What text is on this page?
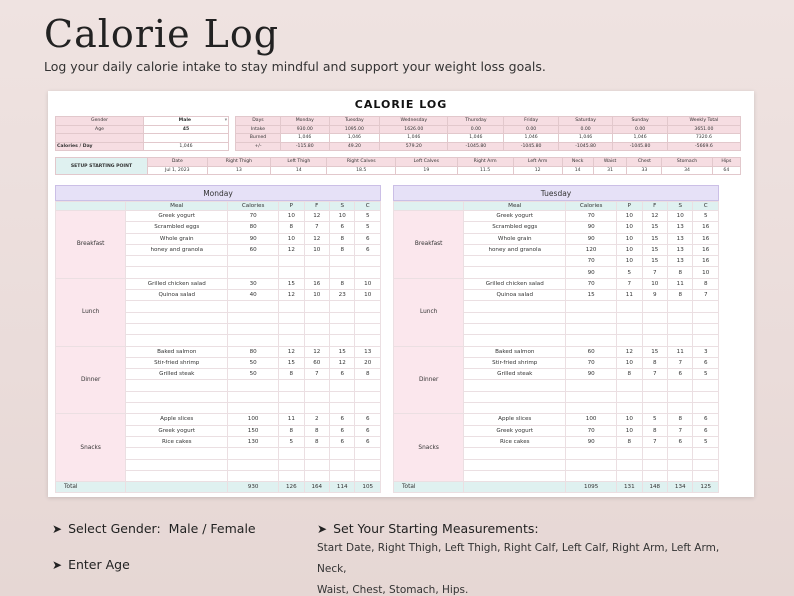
Calorie Log
Log your daily calorie intake to stay mindful and support your weight loss goals.
CALORIE LOG
Gender	Male ▾

Age	45

Calories / Day	1,046
Days	Monday	Tuesday	Wednesday	Thursday	Friday	Saturday	Sunday	Weekly Total
Intake	930.00	1095.00	1626.00	0.00	0.00	0.00	0.00	3651.00
Burned	1,046	1,046	1,046	1,046	1,046	1,046	1,046	7320.6
+/-	-115.80	49.20	579.20	-1045.80	-1045.80	-1045.80	-1045.80	-5669.6
SETUP STARTING POINT	Date	Right Thigh	Left Thigh	Right Calves	Left Calves	Right Arm	Left Arm	Neck	Waist	Chest	Stomach	Hips
	Jul 1, 2023	13	14	18.5	19	11.5	12	14	31	33	34	64
Monday
	Meal	Calories	P	F	S	C
Breakfast	Greek yogurt	70	10	12	10	5
	Scrambled eggs	80	8	7	6	5
	Whole grain	90	10	12	8	6
	honey and granola	60	12	10	8	6

Lunch	Grilled chicken salad	30	15	16	8	10
	Quinoa salad	40	12	10	23	10

Dinner	Baked salmon	80	12	12	15	13
	Stir-fried shrimp	50	15	60	12	20
	Grilled steak	50	8	7	6	8

Snacks	Apple slices	100	11	2	6	6
	Greek yogurt	150	8	8	6	6
	Rice cakes	130	5	8	6	6

Total		930	126	164	114	105
Tuesday
	Meal	Calories	P	F	S	C
Breakfast	Greek yogurt	70	10	12	10	5
	Scrambled eggs	90	10	15	13	16
	Whole grain	90	10	15	13	16
	honey and granola	120	10	15	13	16
		70	10	15	13	16
		90	5	7	8	10
Lunch	Grilled chicken salad	70	7	10	11	8
	Quinoa salad	15	11	9	8	7

Dinner	Baked salmon	60	12	15	11	3
	Stir-fried shrimp	70	10	8	7	6
	Grilled steak	90	8	7	6	5

Snacks	Apple slices	100	10	5	8	6
	Greek yogurt	70	10	8	7	6
	Rice cakes	90	8	7	6	5

Total		1095	131	148	134	125
➤ Select Gender: Male / Female
➤ Enter Age
➤ Set Your Starting Measurements:
Start Date, Right Thigh, Left Thigh, Right Calf, Left Calf, Right Arm, Left Arm, Neck,
Waist, Chest, Stomach, Hips.
